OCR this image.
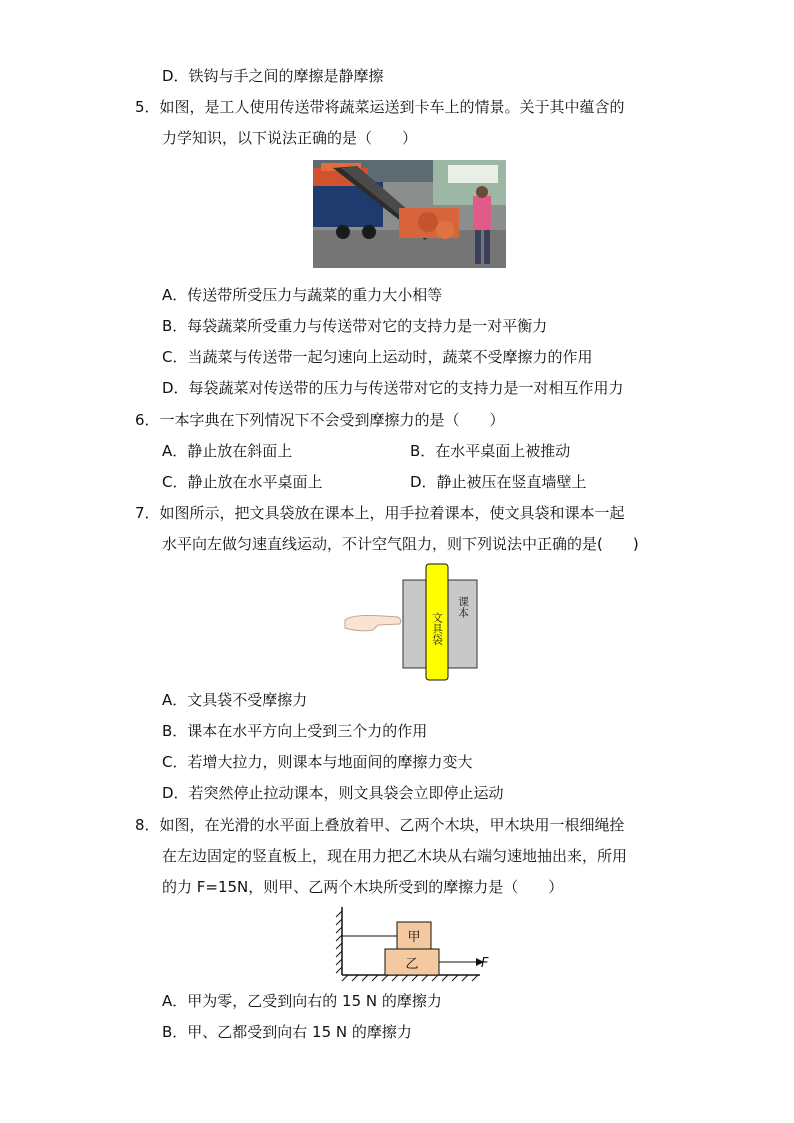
D．铁钩与手之间的摩擦是静摩擦
5．如图，是工人使用传送带将蔬菜运送到卡车上的情景。关于其中蕴含的
力学知识，以下说法正确的是（　　）
A．传送带所受压力与蔬菜的重力大小相等
B．每袋蔬菜所受重力与传送带对它的支持力是一对平衡力
C．当蔬菜与传送带一起匀速向上运动时，蔬菜不受摩擦力的作用
D．每袋蔬菜对传送带的压力与传送带对它的支持力是一对相互作用力
6．一本字典在下列情况下不会受到摩擦力的是（　　）
A．静止放在斜面上	B．在水平桌面上被推动
C．静止放在水平桌面上	D．静止被压在竖直墙壁上
7．如图所示，把文具袋放在课本上，用手拉着课本，使文具袋和课本一起
水平向左做匀速直线运动，不计空气阻力，则下列说法中正确的是(　　)
课本
文具袋
A．文具袋不受摩擦力
B．课本在水平方向上受到三个力的作用
C．若增大拉力，则课本与地面间的摩擦力变大
D．若突然停止拉动课本，则文具袋会立即停止运动
8．如图，在光滑的水平面上叠放着甲、乙两个木块，甲木块用一根细绳拴
在左边固定的竖直板上，现在用力把乙木块从右端匀速地抽出来，所用
的力 F=15N，则甲、乙两个木块所受到的摩擦力是（　　）
甲
乙	F
A．甲为零，乙受到向右的 15 N 的摩擦力
B．甲、乙都受到向右 15 N 的摩擦力
